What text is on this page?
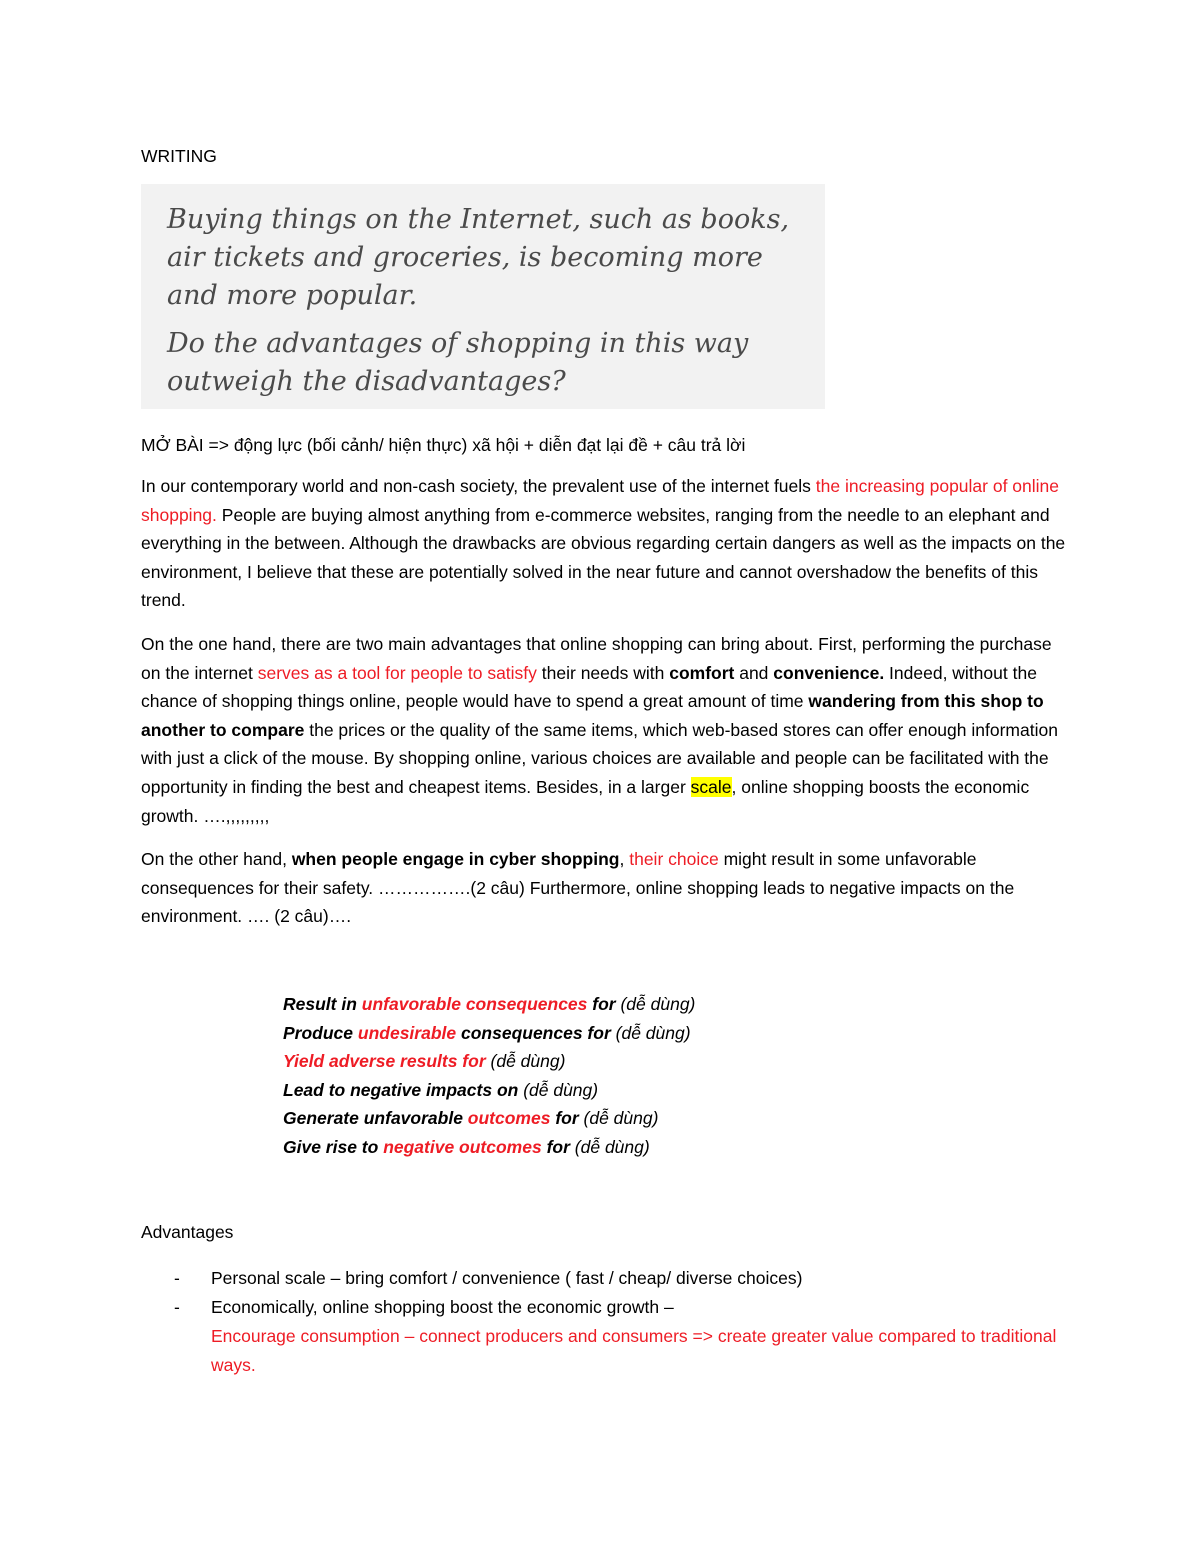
WRITING

Buying things on the Internet, such as books, air tickets and groceries, is becoming more and more popular.

Do the advantages of shopping in this way outweigh the disadvantages?

MỞ BÀI => động lực (bối cảnh/ hiện thực) xã hội + diễn đạt lại đề + câu trả lời

In our contemporary world and non-cash society, the prevalent use of the internet fuels the increasing popular of online shopping. People are buying almost anything from e-commerce websites, ranging from the needle to an elephant and everything in the between. Although the drawbacks are obvious regarding certain dangers as well as the impacts on the environment, I believe that these are potentially solved in the near future and cannot overshadow the benefits of this trend.

On the one hand, there are two main advantages that online shopping can bring about. First, performing the purchase on the internet serves as a tool for people to satisfy their needs with comfort and convenience. Indeed, without the chance of shopping things online, people would have to spend a great amount of time wandering from this shop to another to compare the prices or the quality of the same items, which web-based stores can offer enough information with just a click of the mouse. By shopping online, various choices are available and people can be facilitated with the opportunity in finding the best and cheapest items. Besides, in a larger scale, online shopping boosts the economic growth. ….,,,,,,,,,

On the other hand, when people engage in cyber shopping, their choice might result in some unfavorable consequences for their safety. …………….(2 câu) Furthermore, online shopping leads to negative impacts on the environment. …. (2 câu)….

Result in unfavorable consequences for (dễ dùng)
Produce undesirable consequences for (dễ dùng)
Yield adverse results for (dễ dùng)
Lead to negative impacts on (dễ dùng)
Generate unfavorable outcomes for (dễ dùng)
Give rise to negative outcomes for (dễ dùng)
Advantages
- Personal scale – bring comfort / convenience ( fast / cheap/ diverse choices)
- Economically, online shopping boost the economic growth –
Encourage consumption – connect producers and consumers => create greater value compared to traditional ways.
